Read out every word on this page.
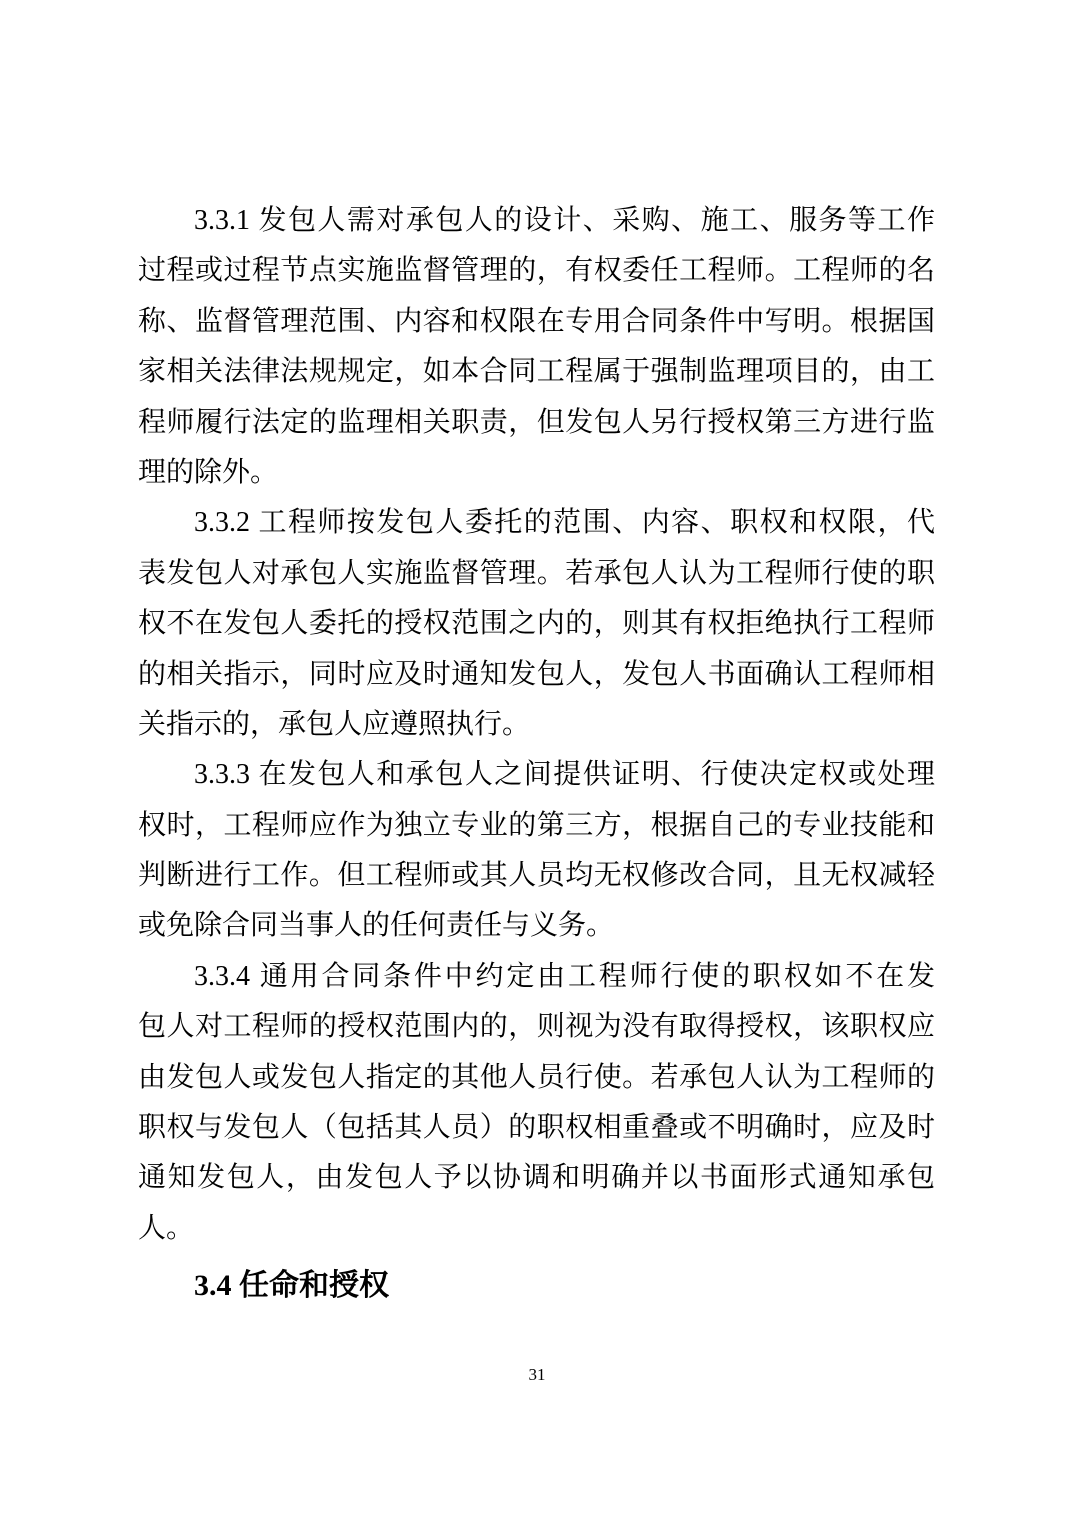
3.3.1 发包人需对承包人的设计、采购、施工、服务等工作
过程或过程节点实施监督管理的，有权委任工程师。工程师的名
称、监督管理范围、内容和权限在专用合同条件中写明。根据国
家相关法律法规规定，如本合同工程属于强制监理项目的，由工
程师履行法定的监理相关职责，但发包人另行授权第三方进行监
理的除外。
3.3.2 工程师按发包人委托的范围、内容、职权和权限，代
表发包人对承包人实施监督管理。若承包人认为工程师行使的职
权不在发包人委托的授权范围之内的，则其有权拒绝执行工程师
的相关指示，同时应及时通知发包人，发包人书面确认工程师相
关指示的，承包人应遵照执行。
3.3.3 在发包人和承包人之间提供证明、行使决定权或处理
权时，工程师应作为独立专业的第三方，根据自己的专业技能和
判断进行工作。但工程师或其人员均无权修改合同，且无权减轻
或免除合同当事人的任何责任与义务。
3.3.4 通用合同条件中约定由工程师行使的职权如不在发
包人对工程师的授权范围内的，则视为没有取得授权，该职权应
由发包人或发包人指定的其他人员行使。若承包人认为工程师的
职权与发包人（包括其人员）的职权相重叠或不明确时，应及时
通知发包人，由发包人予以协调和明确并以书面形式通知承包
人。
3.4 任命和授权
31
